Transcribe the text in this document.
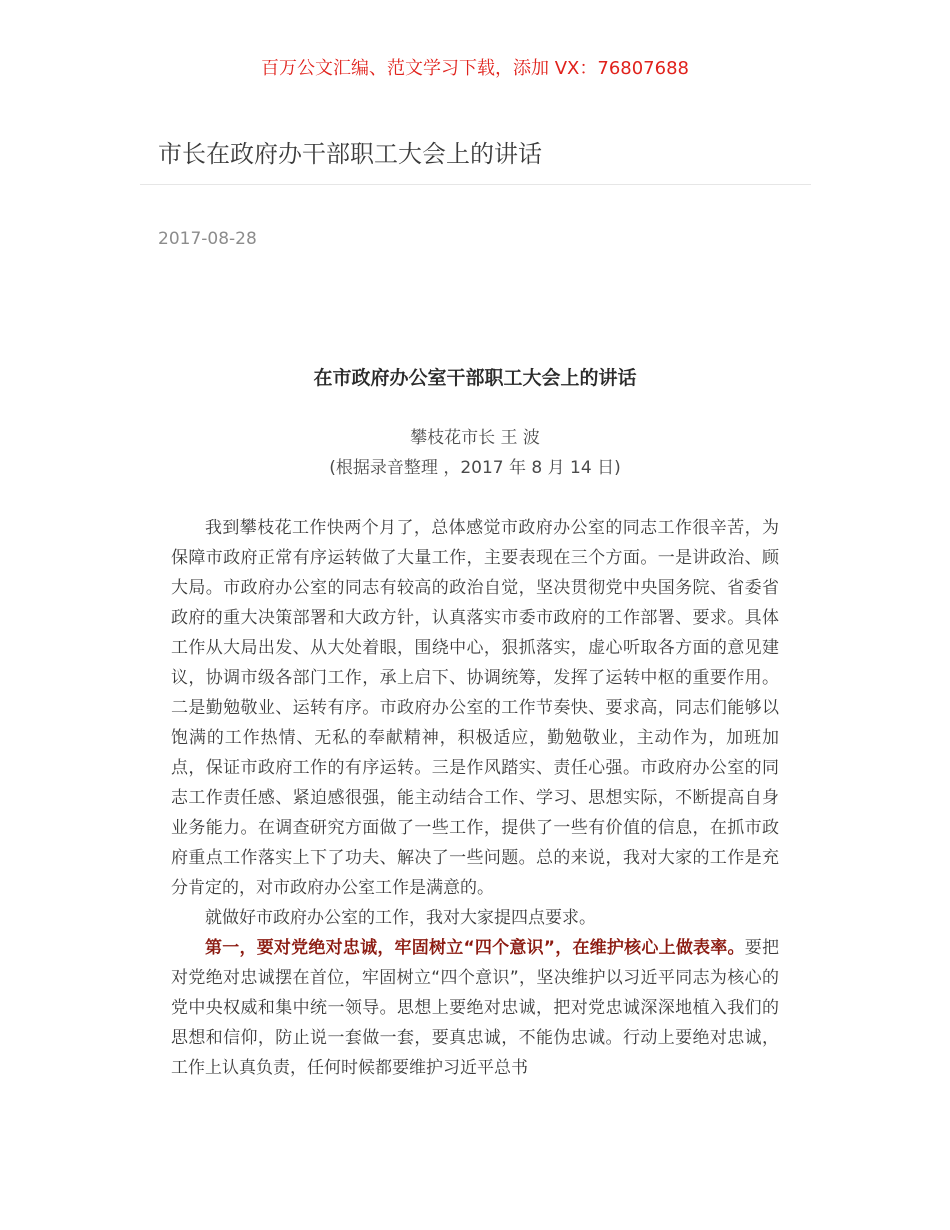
百万公文汇编、范文学习下载，添加 VX：76807688
市长在政府办干部职工大会上的讲话
2017-08-28
在市政府办公室干部职工大会上的讲话
攀枝花市长 王 波
(根据录音整理 ，2017 年 8 月 14 日)

我到攀枝花工作快两个月了，总体感觉市政府办公室的同志工作很辛苦，为保障市政府正常有序运转做了大量工作，主要表现在三个方面。一是讲政治、顾大局。市政府办公室的同志有较高的政治自觉，坚决贯彻党中央国务院、省委省政府的重大决策部署和大政方针，认真落实市委市政府的工作部署、要求。具体工作从大局出发、从大处着眼，围绕中心，狠抓落实，虚心听取各方面的意见建议，协调市级各部门工作，承上启下、协调统筹，发挥了运转中枢的重要作用。二是勤勉敬业、运转有序。市政府办公室的工作节奏快、要求高，同志们能够以饱满的工作热情、无私的奉献精神，积极适应，勤勉敬业，主动作为，加班加点，保证市政府工作的有序运转。三是作风踏实、责任心强。市政府办公室的同志工作责任感、紧迫感很强，能主动结合工作、学习、思想实际，不断提高自身业务能力。在调查研究方面做了一些工作，提供了一些有价值的信息，在抓市政府重点工作落实上下了功夫、解决了一些问题。总的来说，我对大家的工作是充分肯定的，对市政府办公室工作是满意的。

就做好市政府办公室的工作，我对大家提四点要求。

第一，要对党绝对忠诚，牢固树立“四个意识”，在维护核心上做表率。要把对党绝对忠诚摆在首位，牢固树立“四个意识”，坚决维护以习近平同志为核心的党中央权威和集中统一领导。思想上要绝对忠诚，把对党忠诚深深地植入我们的思想和信仰，防止说一套做一套，要真忠诚，不能伪忠诚。行动上要绝对忠诚，工作上认真负责，任何时候都要维护习近平总书
